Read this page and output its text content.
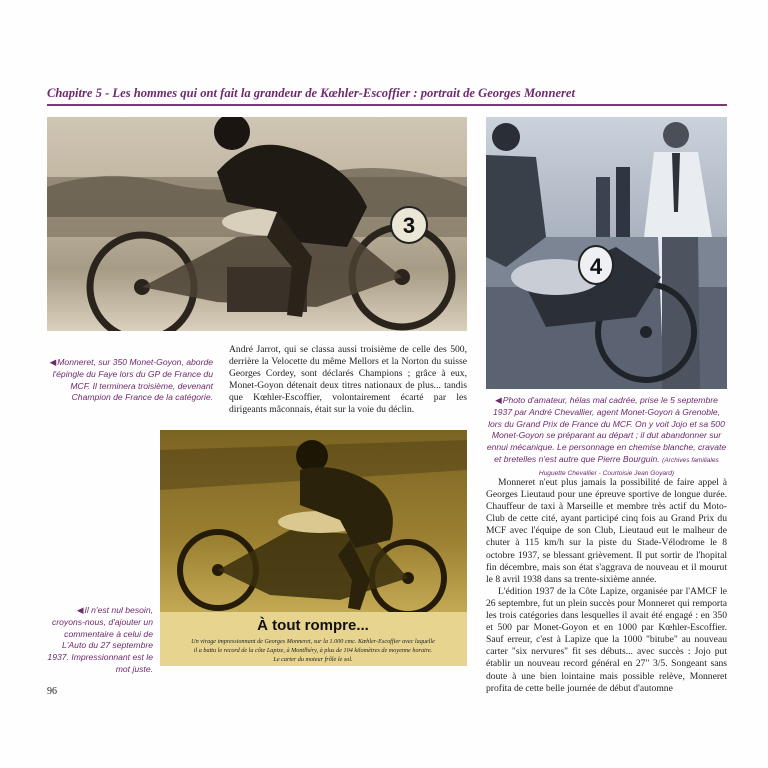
Chapitre 5 - Les hommes qui ont fait la grandeur de Kœhler-Escoffier : portrait de Georges Monneret
3
4
◀Monneret, sur 350 Monet-Goyon, aborde l'épingle du Faye lors du GP de France du MCF. Il terminera troisième, devenant Champion de France de la catégorie.

André Jarrot, qui se classa aussi troisième de celle des 500, derrière la Velocette du même Mellors et la Norton du suisse Georges Cordey, sont déclarés Champions ; grâce à eux, Monet-Goyon détenait deux titres nationaux de plus... tandis que Kœhler-Escoffier, volontairement écarté par les dirigeants mâconnais, était sur la voie du déclin.

◀Photo d'amateur, hélas mal cadrée, prise le 5 septembre 1937 par André Chevallier, agent Monet-Goyon à Grenoble, lors du Grand Prix de France du MCF. On y voit Jojo et sa 500 Monet-Goyon se préparant au départ ; il dut abandonner sur ennui mécanique. Le personnage en chemise blanche, cravate et bretelles n'est autre que Pierre Bourguin. (Archives familiales Huguette Chevallier - Courtoisie Jean Goyard)
À tout rompre...
Un virage impressionnant de Georges Monneret, sur la 1.000 cmc. Kœhler-Escoffier avec laquelle
il a battu le record de la côte Lapize, à Montlhéry, à plus de 104 kilomètres de moyenne horaire.
Le carter du moteur frôle le sol.
◀Il n'est nul besoin, croyons-nous, d'ajouter un commentaire à celui de L'Auto du 27 septembre 1937. Impressionnant est le mot juste.

Monneret n'eut plus jamais la possibilité de faire appel à Georges Lieutaud pour une épreuve sportive de longue durée. Chauffeur de taxi à Marseille et membre très actif du Moto-Club de cette cité, ayant participé cinq fois au Grand Prix du MCF avec l'équipe de son Club, Lieutaud eut le malheur de chuter à 115 km/h sur la piste du Stade-Vélodrome le 8 octobre 1937, se blessant grièvement. Il put sortir de l'hopital fin décembre, mais son état s'aggrava de nouveau et il mourut le 8 avril 1938 dans sa trente-sixième année.

L'édition 1937 de la Côte Lapize, organisée par l'AMCF le 26 septembre, fut un plein succès pour Monneret qui remporta les trois catégories dans lesquelles il avait été engagé : en 350 et 500 par Monet-Goyon et en 1000 par Kœhler-Escoffier. Sauf erreur, c'est à Lapize que la 1000 "bitube" au nouveau carter "six nervures" fit ses débuts... avec succès : Jojo put établir un nouveau record général en 27" 3/5. Songeant sans doute à une bien lointaine mais possible relève, Monneret profita de cette belle journée de début d'automne

96
